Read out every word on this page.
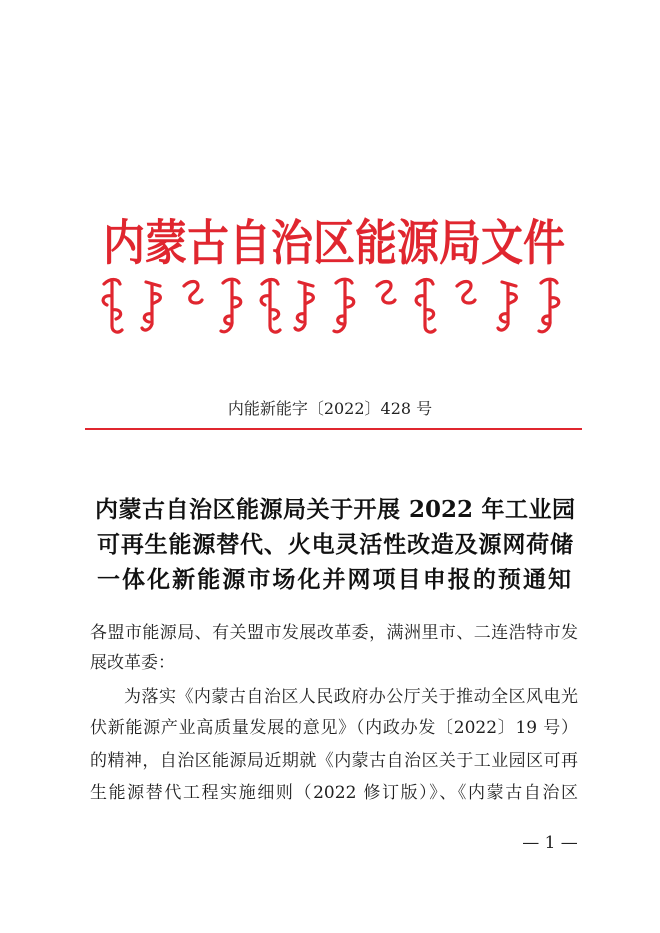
内蒙古自治区能源局文件
内能新能字〔2022〕428 号
内蒙古自治区能源局关于开展 2022 年工业园
可再生能源替代、火电灵活性改造及源网荷储
一体化新能源市场化并网项目申报的预通知
各盟市能源局、有关盟市发展改革委，满洲里市、二连浩特市发
展改革委：
为落实《内蒙古自治区人民政府办公厅关于推动全区风电光
伏新能源产业高质量发展的意见》（内政办发〔2022〕19 号）
的精神，自治区能源局近期就《内蒙古自治区关于工业园区可再
生能源替代工程实施细则（2022 修订版）》、《内蒙古自治区
— 1 —
